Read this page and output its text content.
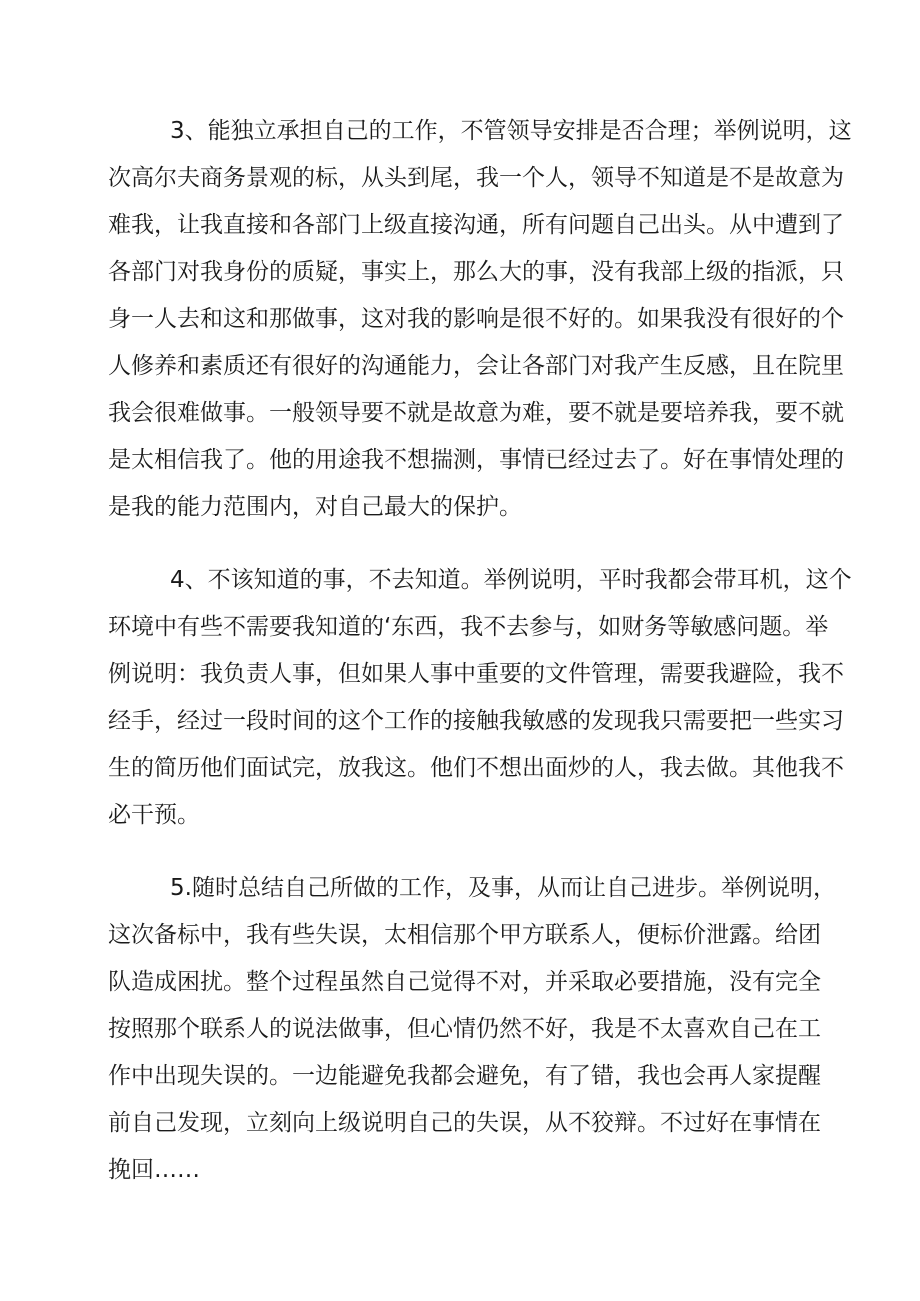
3、能独立承担自己的工作，不管领导安排是否合理；举例说明，这
次高尔夫商务景观的标，从头到尾，我一个人，领导不知道是不是故意为
难我，让我直接和各部门上级直接沟通，所有问题自己出头。从中遭到了
各部门对我身份的质疑，事实上，那么大的事，没有我部上级的指派，只
身一人去和这和那做事，这对我的影响是很不好的。如果我没有很好的个
人修养和素质还有很好的沟通能力，会让各部门对我产生反感，且在院里
我会很难做事。一般领导要不就是故意为难，要不就是要培养我，要不就
是太相信我了。他的用途我不想揣测，事情已经过去了。好在事情处理的
是我的能力范围内，对自己最大的保护。
4、不该知道的事，不去知道。举例说明，平时我都会带耳机，这个
环境中有些不需要我知道的‘东西，我不去参与，如财务等敏感问题。举
例说明：我负责人事，但如果人事中重要的文件管理，需要我避险，我不
经手，经过一段时间的这个工作的接触我敏感的发现我只需要把一些实习
生的简历他们面试完，放我这。他们不想出面炒的人，我去做。其他我不
必干预。
5.随时总结自己所做的工作，及事，从而让自己进步。举例说明，
这次备标中，我有些失误，太相信那个甲方联系人，便标价泄露。给团
队造成困扰。整个过程虽然自己觉得不对，并采取必要措施，没有完全
按照那个联系人的说法做事，但心情仍然不好，我是不太喜欢自己在工
作中出现失误的。一边能避免我都会避免，有了错，我也会再人家提醒
前自己发现，立刻向上级说明自己的失误，从不狡辩。不过好在事情在
挽回……
